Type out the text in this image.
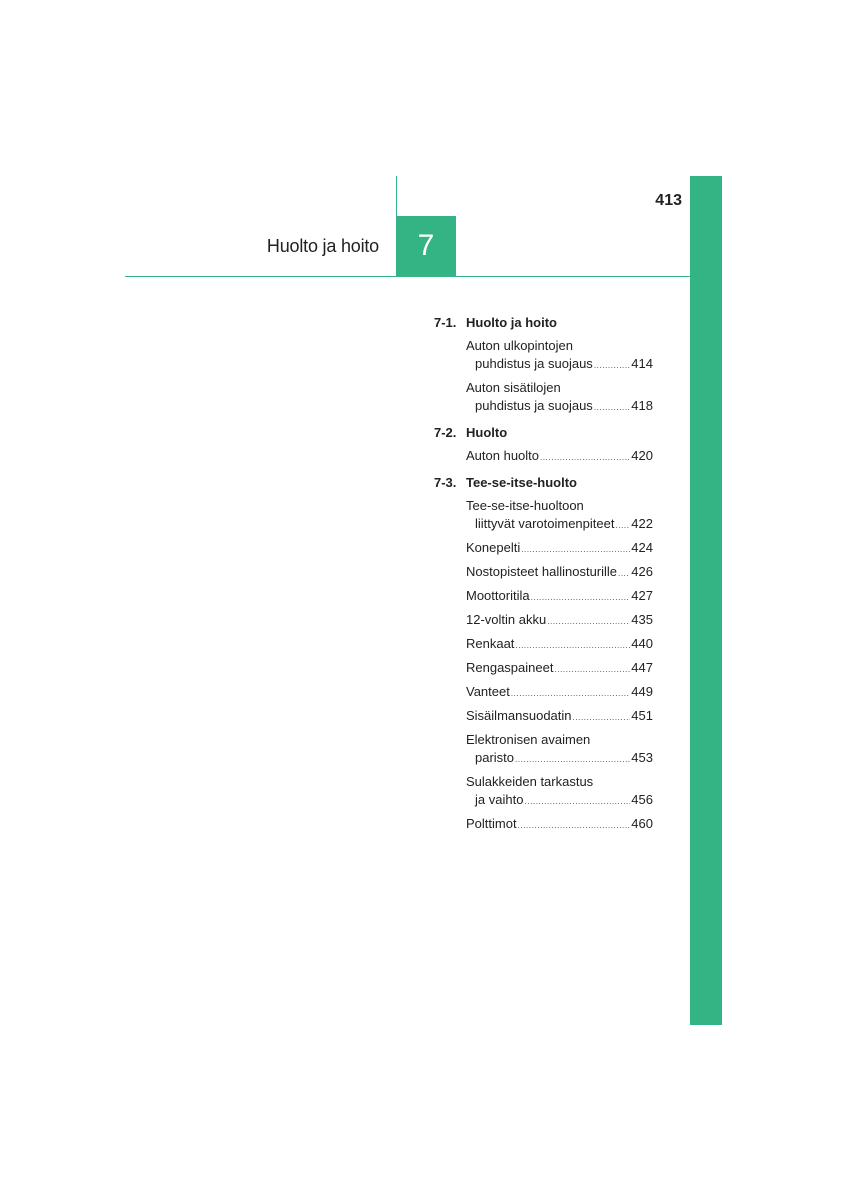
413
Huolto ja hoito 7
7-1. Huolto ja hoito
Auton ulkopintojen
puhdistus ja suojaus .....	414
Auton sisätilojen
puhdistus ja suojaus .....	418
7-2. Huolto
Auton huolto .....	420
7-3. Tee-se-itse-huolto
Tee-se-itse-huoltoon
liittyvät varotoimenpiteet ..... 422
Konepelti .....	424
Nostopisteet hallinosturille ..... 426
Moottoritila .....	427
12-voltin akku .....	435
Renkaat .....	440
Rengaspaineet .....	447
Vanteet .....	449
Sisäilmansuodatin .....	451
Elektronisen avaimen
paristo .....	453
Sulakkeiden tarkastus
ja vaihto .....	456
Polttimot .....	460
